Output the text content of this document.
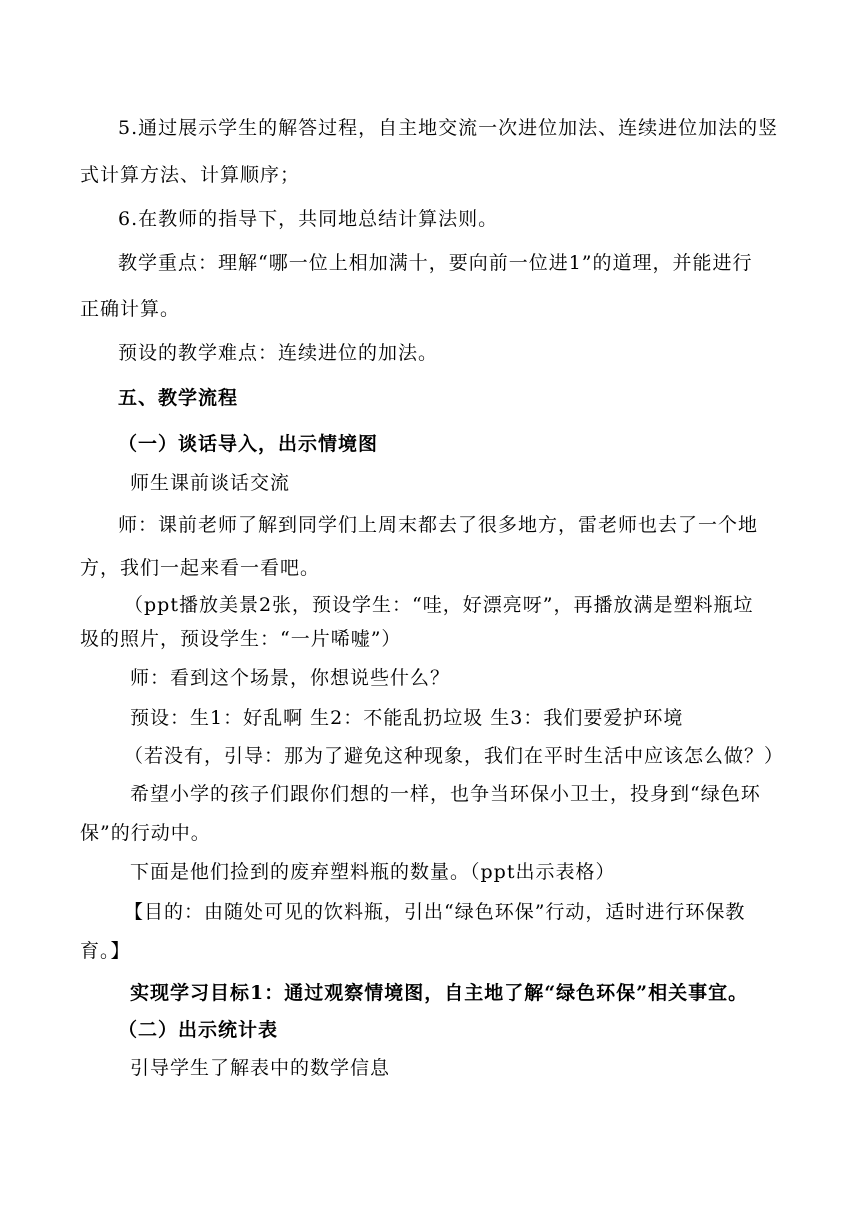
5.通过展示学生的解答过程，自主地交流一次进位加法、连续进位加法的竖
式计算方法、计算顺序；
6.在教师的指导下，共同地总结计算法则。
教学重点：理解“哪一位上相加满十，要向前一位进1”的道理，并能进行
正确计算。
预设的教学难点：连续进位的加法。
五、教学流程
（一）谈话导入，出示情境图
师生课前谈话交流
师：课前老师了解到同学们上周末都去了很多地方，雷老师也去了一个地
方，我们一起来看一看吧。
（ppt播放美景2张，预设学生：“哇，好漂亮呀”，再播放满是塑料瓶垃
圾的照片，预设学生：“一片唏嘘”）
师：看到这个场景，你想说些什么？
预设：生1：好乱啊 生2：不能乱扔垃圾 生3：我们要爱护环境
（若没有，引导：那为了避免这种现象，我们在平时生活中应该怎么做？）
希望小学的孩子们跟你们想的一样，也争当环保小卫士，投身到“绿色环
保”的行动中。
下面是他们捡到的废弃塑料瓶的数量。（ppt出示表格）
【目的：由随处可见的饮料瓶，引出“绿色环保”行动，适时进行环保教
育。】
实现学习目标1：通过观察情境图，自主地了解“绿色环保”相关事宜。
（二）出示统计表
引导学生了解表中的数学信息
